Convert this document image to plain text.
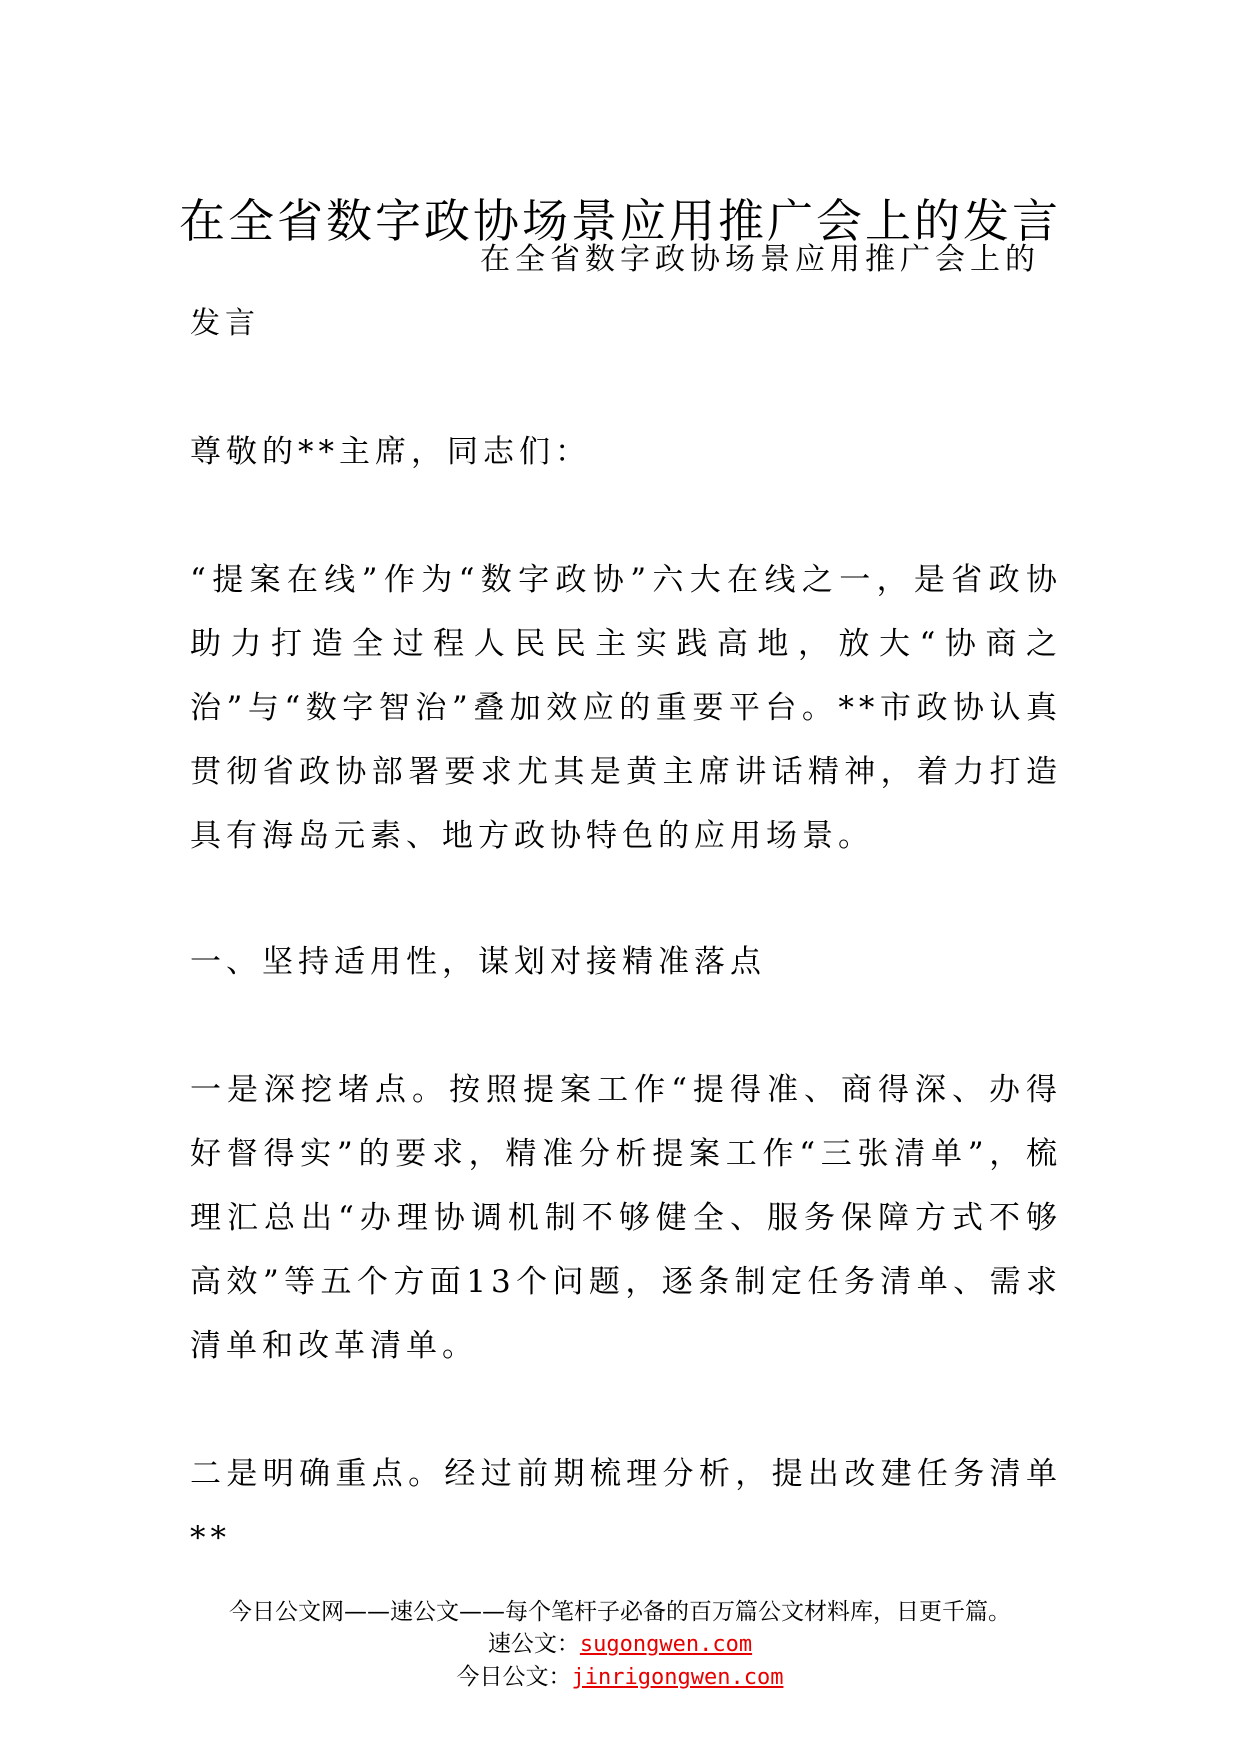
在全省数字政协场景应用推广会上的发言
在全省数字政协场景应用推广会上的发言
尊敬的**主席，同志们：
“提案在线”作为“数字政协”六大在线之一，是省政协助力打造全过程人民民主实践高地，放大“协商之治”与“数字智治”叠加效应的重要平台。**市政协认真贯彻省政协部署要求尤其是黄主席讲话精神，着力打造具有海岛元素、地方政协特色的应用场景。
一、坚持适用性，谋划对接精准落点
一是深挖堵点。按照提案工作“提得准、商得深、办得好督得实”的要求，精准分析提案工作“三张清单”，梳理汇总出“办理协调机制不够健全、服务保障方式不够高效”等五个方面13个问题，逐条制定任务清单、需求清单和改革清单。
二是明确重点。经过前期梳理分析，提出改建任务清单**
今日公文网——速公文——每个笔杆子必备的百万篇公文材料库，日更千篇。
速公文：sugongwen.com
今日公文：jinrigongwen.com
